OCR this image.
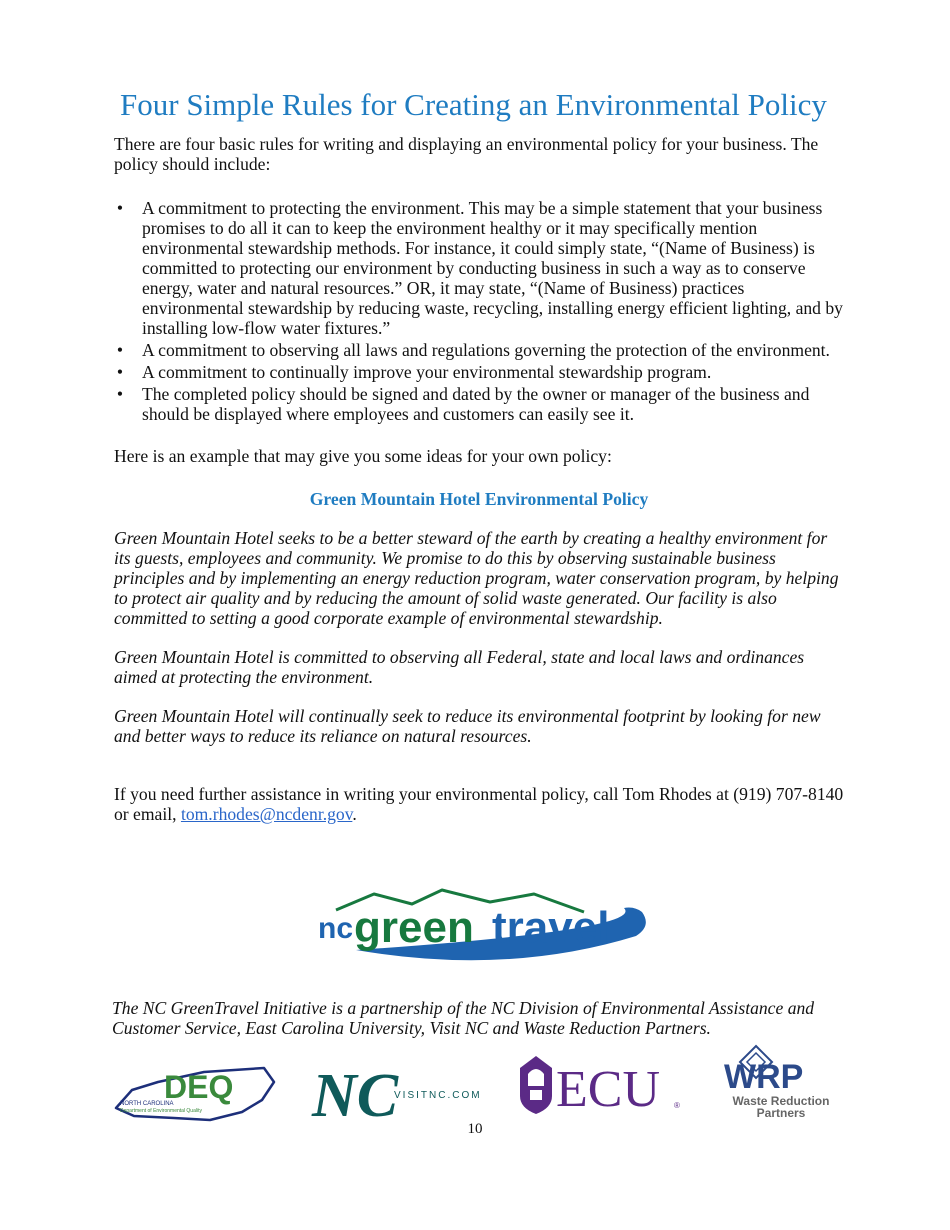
Four Simple Rules for Creating an Environmental Policy

There are four basic rules for writing and displaying an environmental policy for your business. The policy should include:

• A commitment to protecting the environment. This may be a simple statement that your business promises to do all it can to keep the environment healthy or it may specifically mention environmental stewardship methods. For instance, it could simply state, “(Name of Business) is committed to protecting our environment by conducting business in such a way as to conserve energy, water and natural resources.” OR, it may state, “(Name of Business) practices environmental stewardship by reducing waste, recycling, installing energy efficient lighting, and by installing low-flow water fixtures.”
• A commitment to observing all laws and regulations governing the protection of the environment.
• A commitment to continually improve your environmental stewardship program.
• The completed policy should be signed and dated by the owner or manager of the business and should be displayed where employees and customers can easily see it.

Here is an example that may give you some ideas for your own policy:

Green Mountain Hotel Environmental Policy

Green Mountain Hotel seeks to be a better steward of the earth by creating a healthy environment for its guests, employees and community. We promise to do this by observing sustainable business principles and by implementing an energy reduction program, water conservation program, by helping to protect air quality and by reducing the amount of solid waste generated. Our facility is also committed to setting a good corporate example of environmental stewardship.

Green Mountain Hotel is committed to observing all Federal, state and local laws and ordinances aimed at protecting the environment.

Green Mountain Hotel will continually seek to reduce its environmental footprint by looking for new and better ways to reduce its reliance on natural resources.

If you need further assistance in writing your environmental policy, call Tom Rhodes at (919) 707-8140 or email, tom.rhodes@ncdenr.gov.

nc green travel

The NC GreenTravel Initiative is a partnership of the NC Division of Environmental Assistance and Customer Service, East Carolina University, Visit NC and Waste Reduction Partners.

DEQ
NORTH CAROLINA
Department of Environmental Quality NC
VISITNC.COM ECU ®
WRP
Waste Reduction
Partners
10
